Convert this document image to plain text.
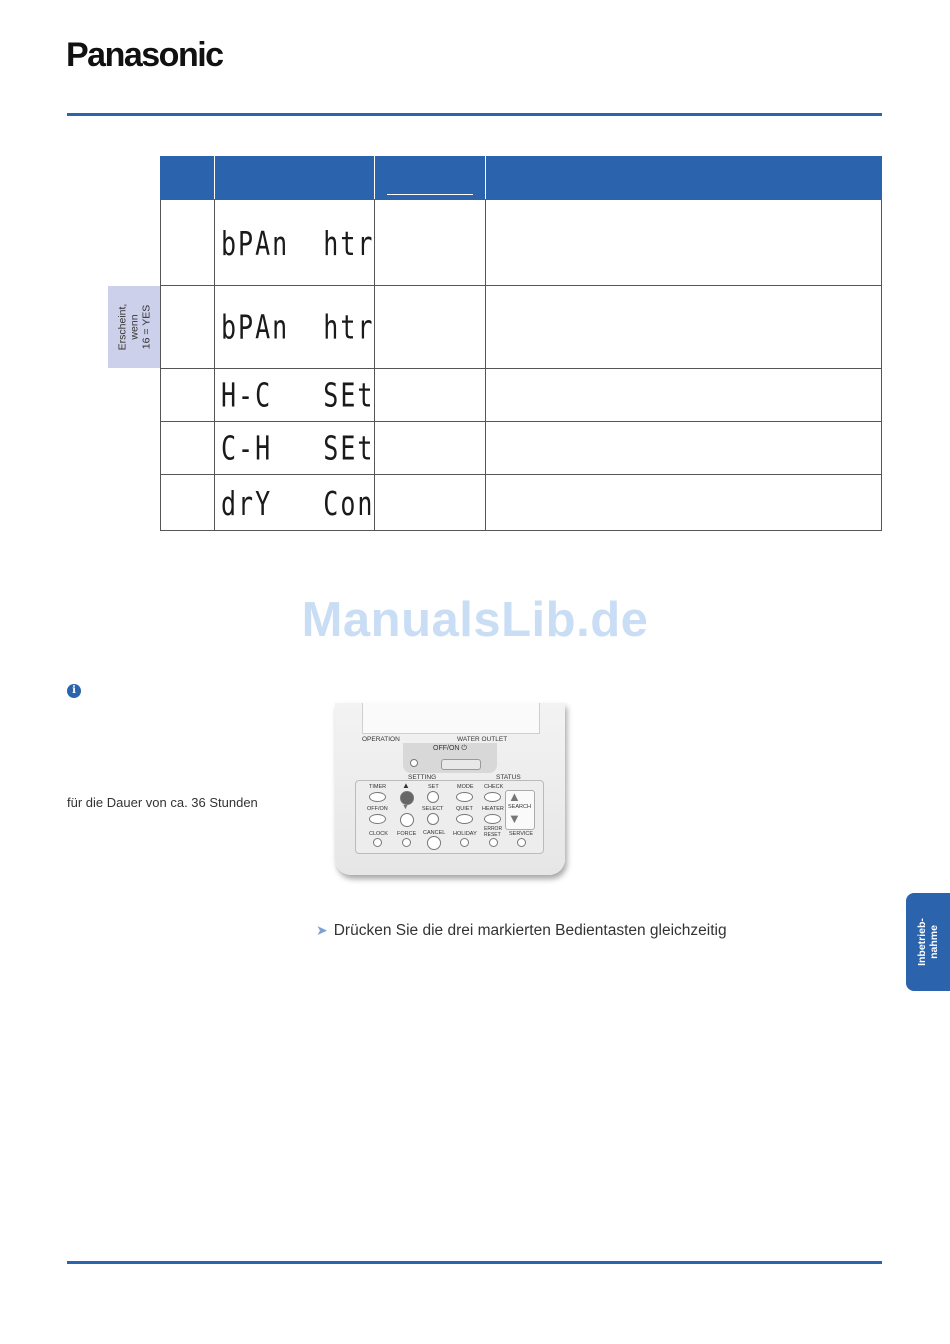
Panasonic

	bPAn  htr		
	bPAn  htr		
	H-C   SEt		
	C-H   SEt		
	drY   Con		
Erscheint, wenn 16 = YES
ManualsLib.de
i
für die Dauer von ca. 36 Stunden
OPERATION	WATER OUTLET
OFF/ON ⏻
SETTING	STATUS
TIMER ▲	SET	MODE CHECK
▲
SEARCH
▼
OFF/ON ▼ SELECT QUIET HEATER
CLOCK FORCE CANCEL HOLIDAY
ERROR
RESET SERVICE
➤ Drücken Sie die drei markierten Bedientasten gleichzeitig	Inbetrieb- nahme
